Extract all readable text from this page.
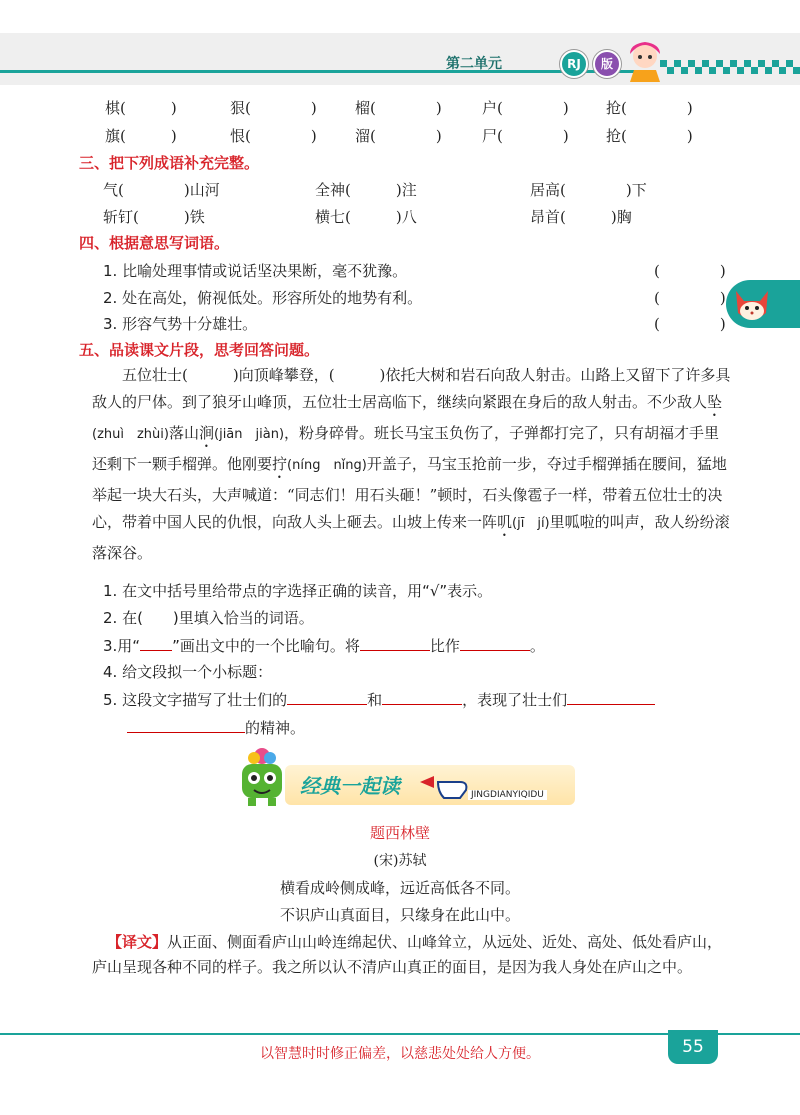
第二单元	RJ	版
棋(　　　)	狠(　　　　)	榴(　　　　)	户(　　　　) 抢(　　　　)
旗(　　　)	恨(　　　　)	溜(　　　　)	尸(　　　　) 抢(　　　　)
三、把下列成语补充完整。
气(　　　　)山河	全神(　　　)注	居高(　　　　)下
斩钉(　　　)铁	横七(　　　)八	昂首(　　　)胸
四、根据意思写词语。
1. 比喻处理事情或说话坚决果断，毫不犹豫。	(　　　　)
2. 处在高处，俯视低处。形容所处的地势有利。	(　　　　)
3. 形容气势十分雄壮。	(　　　　)
五、品读课文片段，思考回答问题。
五位壮士(　　　)向顶峰攀登，(　　　)依托大树和岩石向敌人射击。山路上又留下了许多具敌人的尸体。到了狼牙山峰顶，五位壮士居高临下，继续向紧跟在身后的敌人射击。不少敌人坠(zhuì　zhùi)落山涧(jiān　jiàn)，粉身碎骨。班长马宝玉负伤了，子弹都打完了，只有胡福才手里还剩下一颗手榴弹。他刚要拧(níng　nǐng)开盖子，马宝玉抢前一步，夺过手榴弹插在腰间，猛地举起一块大石头，大声喊道：“同志们！用石头砸！”顿时，石头像雹子一样，带着五位壮士的决心，带着中国人民的仇恨，向敌人头上砸去。山坡上传来一阵叽(jī　jí)里呱啦的叫声，敌人纷纷滚落深谷。
1. 在文中括号里给带点的字选择正确的读音，用“√”表示。
2. 在(　　)里填入恰当的词语。
3.用“ ”画出文中的一个比喻句。将	比作	。
4. 给文段拟一个小标题：
5. 这段文字描写了壮士们的	和	，表现了壮士们
的精神。
经典一起读	JINGDIANYIQIDU
题西林壁
(宋)苏轼
横看成岭侧成峰，远近高低各不同。
不识庐山真面目，只缘身在此山中。
【译文】从正面、侧面看庐山山岭连绵起伏、山峰耸立，从远处、近处、高处、低处看庐山，庐山呈现各种不同的样子。我之所以认不清庐山真正的面目，是因为我人身处在庐山之中。
以智慧时时修正偏差，以慈悲处处给人方便。	55
